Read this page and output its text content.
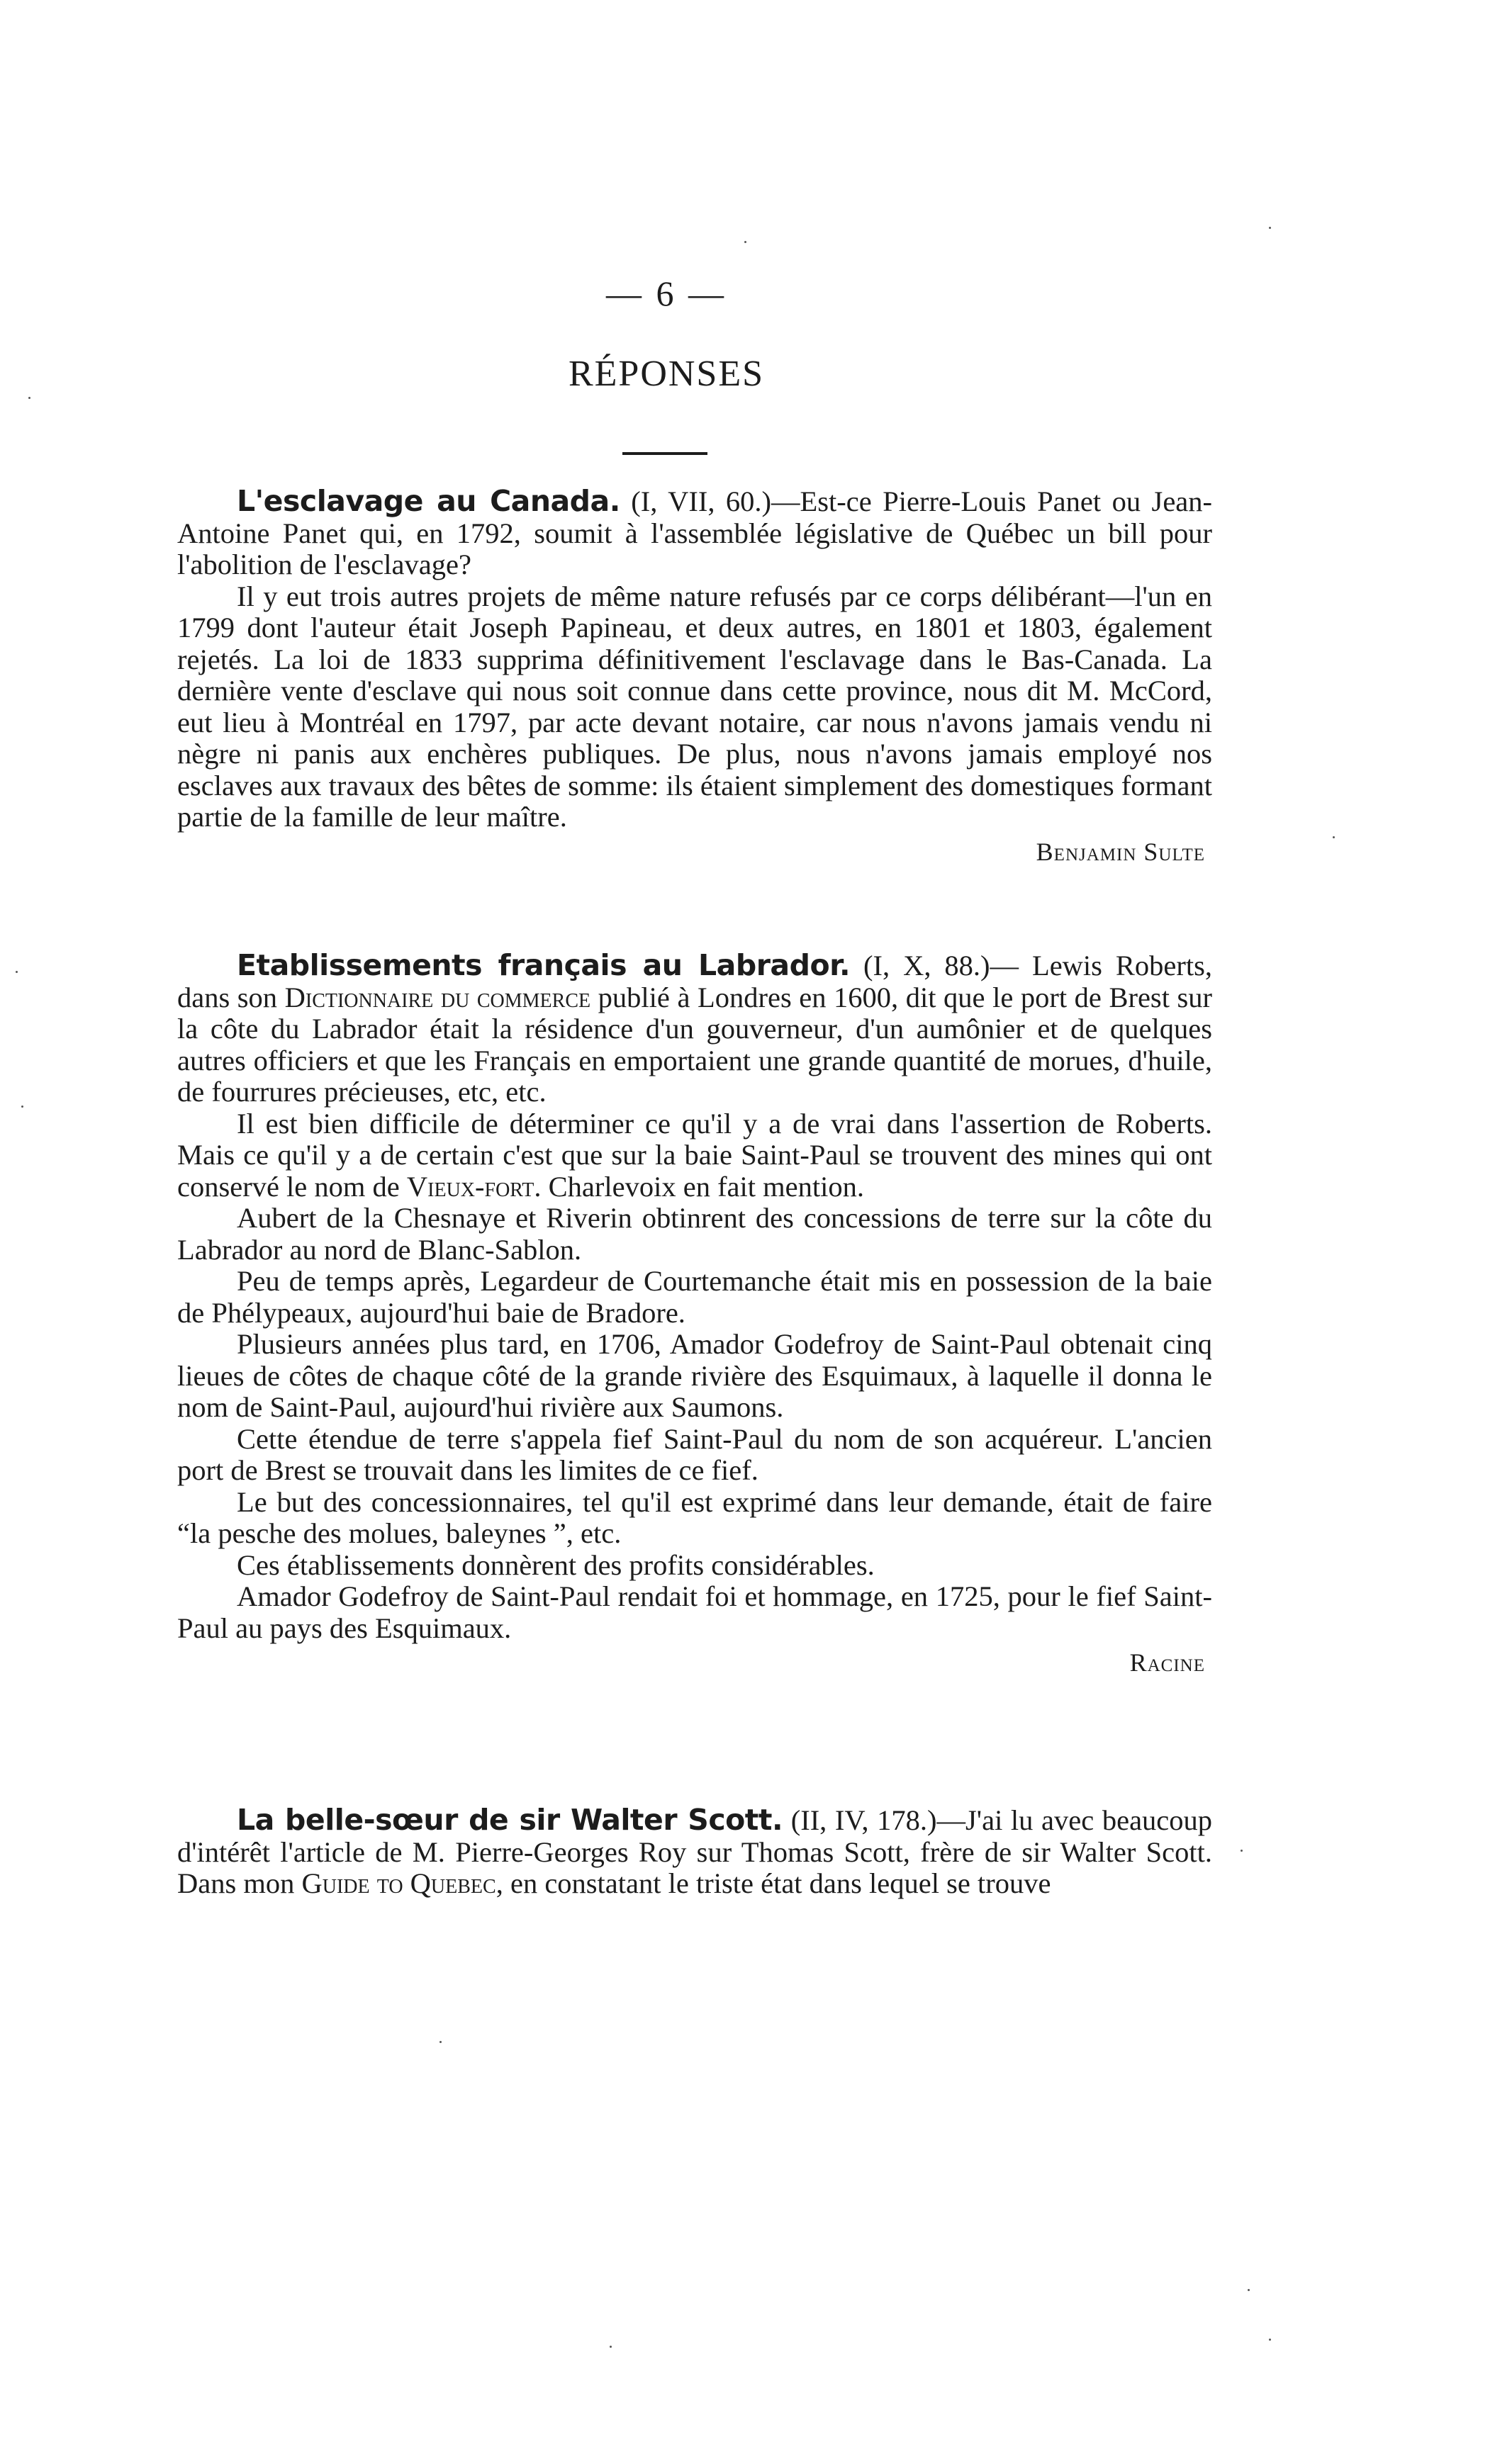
— 6 —
RÉPONSES

L'esclavage au Canada. (I, VII, 60.)—Est-ce Pierre-Louis Panet ou Jean-Antoine Panet qui, en 1792, soumit à l'assemblée législative de Québec un bill pour l'abolition de l'esclavage?

Il y eut trois autres projets de même nature refusés par ce corps délibérant—l'un en 1799 dont l'auteur était Joseph Papineau, et deux autres, en 1801 et 1803, également rejetés. La loi de 1833 supprima définitivement l'esclavage dans le Bas-Canada. La dernière vente d'esclave qui nous soit connue dans cette province, nous dit M. McCord, eut lieu à Montréal en 1797, par acte devant notaire, car nous n'avons jamais vendu ni nègre ni panis aux enchères publiques. De plus, nous n'avons jamais employé nos esclaves aux travaux des bêtes de somme: ils étaient simplement des domestiques formant partie de la famille de leur maître.

Benjamin Sulte

Etablissements français au Labrador. (I, X, 88.)— Lewis Roberts, dans son Dictionnaire du commerce publié à Londres en 1600, dit que le port de Brest sur la côte du Labrador était la résidence d'un gouverneur, d'un aumônier et de quelques autres officiers et que les Français en emportaient une grande quantité de morues, d'huile, de fourrures précieuses, etc, etc.

Il est bien difficile de déterminer ce qu'il y a de vrai dans l'assertion de Roberts. Mais ce qu'il y a de certain c'est que sur la baie Saint-Paul se trouvent des mines qui ont conservé le nom de Vieux-fort. Charlevoix en fait mention.

Aubert de la Chesnaye et Riverin obtinrent des concessions de terre sur la côte du Labrador au nord de Blanc-Sablon.

Peu de temps après, Legardeur de Courtemanche était mis en possession de la baie de Phélypeaux, aujourd'hui baie de Bradore.

Plusieurs années plus tard, en 1706, Amador Godefroy de Saint-Paul obtenait cinq lieues de côtes de chaque côté de la grande rivière des Esquimaux, à laquelle il donna le nom de Saint-Paul, aujourd'hui rivière aux Saumons.

Cette étendue de terre s'appela fief Saint-Paul du nom de son acquéreur. L'ancien port de Brest se trouvait dans les limites de ce fief.

Le but des concessionnaires, tel qu'il est exprimé dans leur demande, était de faire “la pesche des molues, baleynes ”, etc.

Ces établissements donnèrent des profits considérables.

Amador Godefroy de Saint-Paul rendait foi et hommage, en 1725, pour le fief Saint-Paul au pays des Esquimaux.

Racine

La belle-sœur de sir Walter Scott. (II, IV, 178.)—J'ai lu avec beaucoup d'intérêt l'article de M. Pierre-Georges Roy sur Thomas Scott, frère de sir Walter Scott. Dans mon Guide to Quebec, en constatant le triste état dans lequel se trouve
